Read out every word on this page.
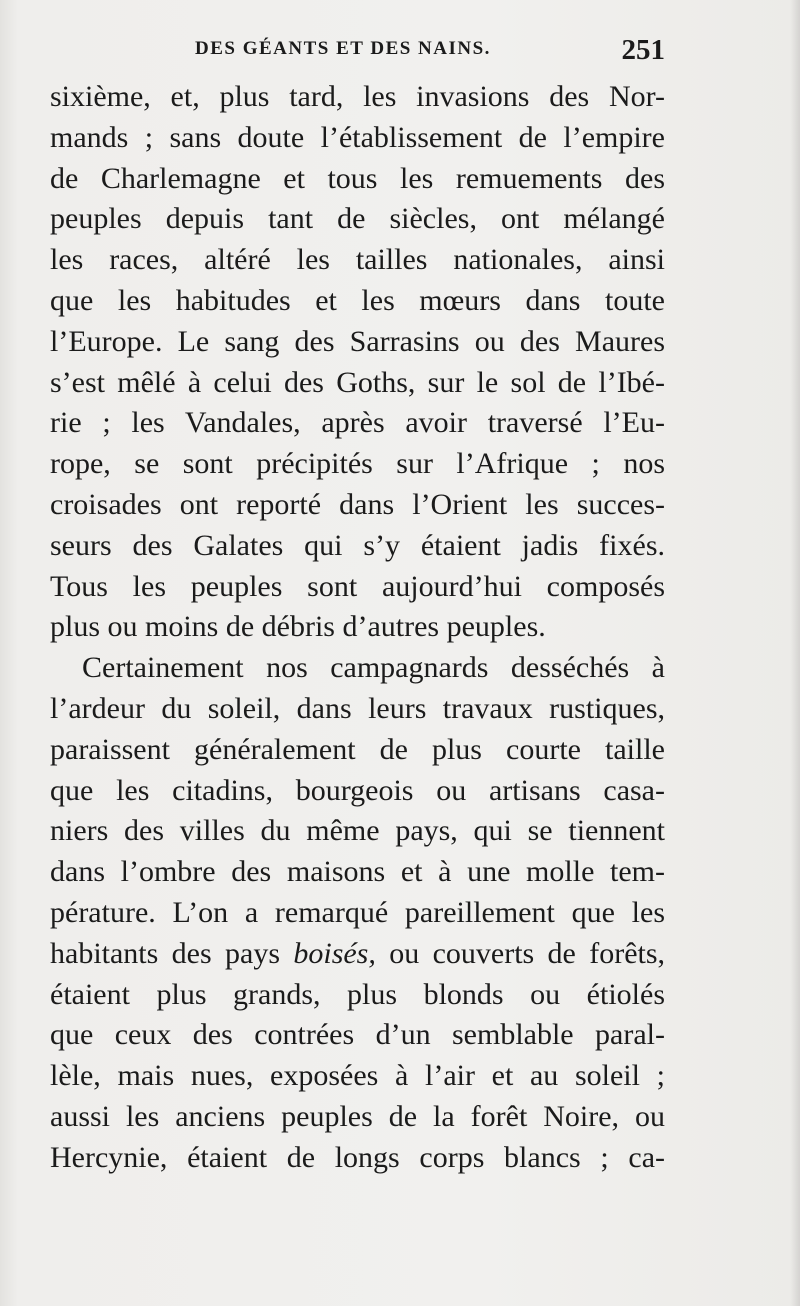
DES GÉANTS ET DES NAINS.	251
sixième, et, plus tard, les invasions des Nor-
mands ; sans doute l’établissement de l’empire
de Charlemagne et tous les remuements des
peuples depuis tant de siècles, ont mélangé
les races, altéré les tailles nationales, ainsi
que les habitudes et les mœurs dans toute
l’Europe. Le sang des Sarrasins ou des Maures
s’est mêlé à celui des Goths, sur le sol de l’Ibé-
rie ; les Vandales, après avoir traversé l’Eu-
rope, se sont précipités sur l’Afrique ; nos
croisades ont reporté dans l’Orient les succes-
seurs des Galates qui s’y étaient jadis fixés.
Tous les peuples sont aujourd’hui composés
plus ou moins de débris d’autres peuples.
Certainement nos campagnards desséchés à
l’ardeur du soleil, dans leurs travaux rustiques,
paraissent généralement de plus courte taille
que les citadins, bourgeois ou artisans casa-
niers des villes du même pays, qui se tiennent
dans l’ombre des maisons et à une molle tem-
pérature. L’on a remarqué pareillement que les
habitants des pays boisés, ou couverts de forêts,
étaient plus grands, plus blonds ou étiolés
que ceux des contrées d’un semblable paral-
lèle, mais nues, exposées à l’air et au soleil ;
aussi les anciens peuples de la forêt Noire, ou
Hercynie, étaient de longs corps blancs ; ca-
